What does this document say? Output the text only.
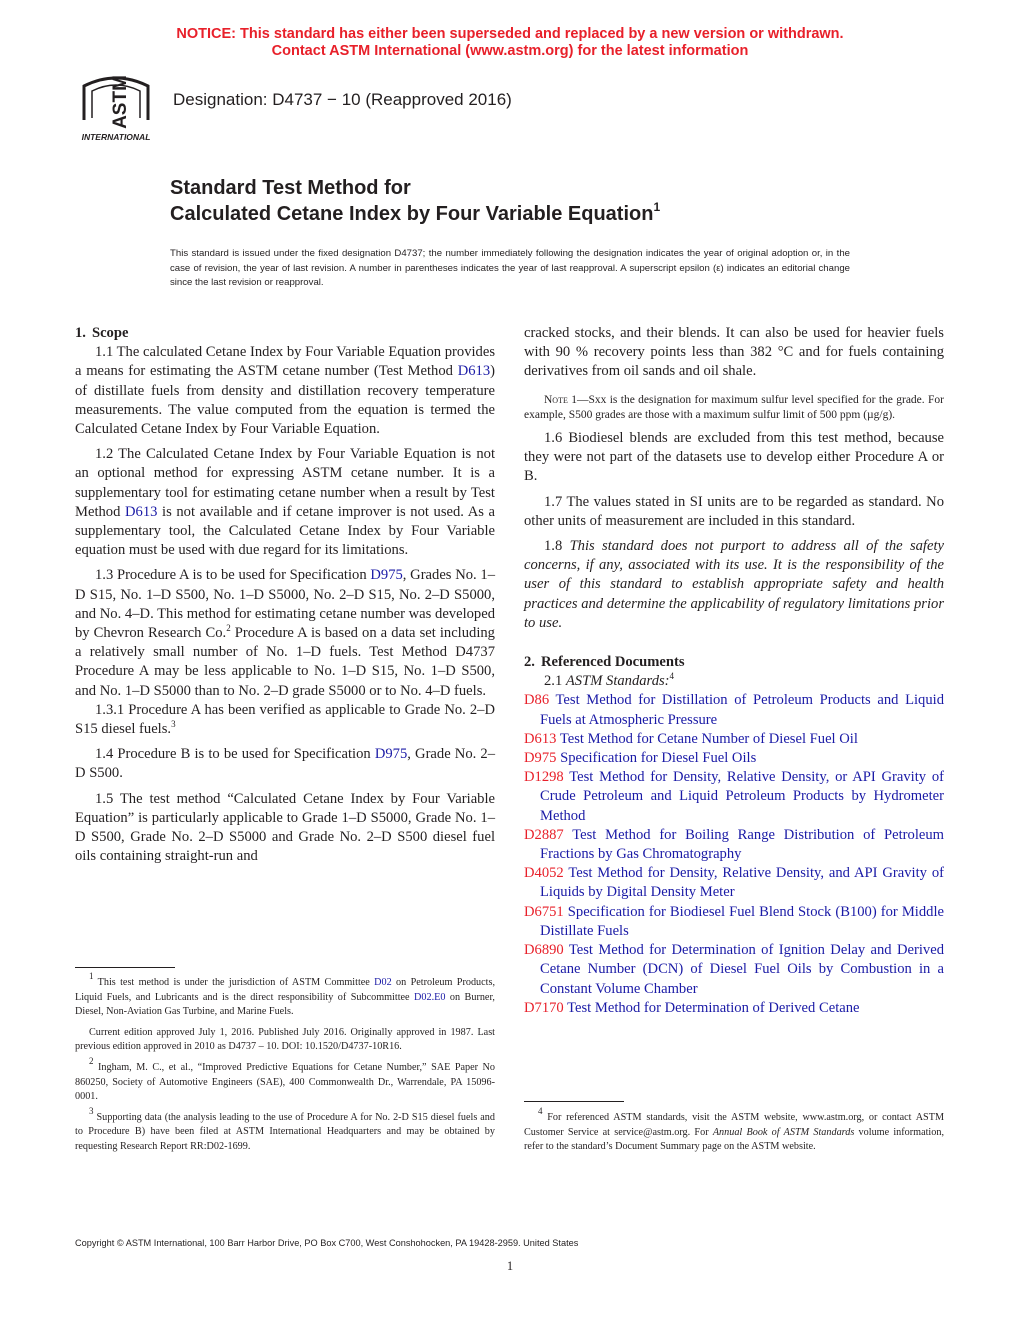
NOTICE: This standard has either been superseded and replaced by a new version or withdrawn.
Contact ASTM International (www.astm.org) for the latest information
ASTM
INTERNATIONAL
Designation: D4737 − 10 (Reapproved 2016)
Standard Test Method for
Calculated Cetane Index by Four Variable Equation$^1$
This standard is issued under the fixed designation D4737; the number immediately following the designation indicates the year of original adoption or, in the case of revision, the year of last revision. A number in parentheses indicates the year of last reapproval. A superscript epsilon (ε) indicates an editorial change since the last revision or reapproval.

1. Scope

1.1 The calculated Cetane Index by Four Variable Equation provides a means for estimating the ASTM cetane number (Test Method D613) of distillate fuels from density and distillation recovery temperature measurements. The value computed from the equation is termed the Calculated Cetane Index by Four Variable Equation.

1.2 The Calculated Cetane Index by Four Variable Equation is not an optional method for expressing ASTM cetane number. It is a supplementary tool for estimating cetane number when a result by Test Method D613 is not available and if cetane improver is not used. As a supplementary tool, the Calculated Cetane Index by Four Variable equation must be used with due regard for its limitations.

1.3 Procedure A is to be used for Specification D975, Grades No. 1–D S15, No. 1–D S500, No. 1–D S5000, No. 2–D S15, No. 2–D S5000, and No. 4–D. This method for estimating cetane number was developed by Chevron Research Co.$^2$ Procedure A is based on a data set including a relatively small number of No. 1–D fuels. Test Method D4737 Procedure A may be less applicable to No. 1–D S15, No. 1–D S500, and No. 1–D S5000 than to No. 2–D grade S5000 or to No. 4–D fuels.

1.3.1 Procedure A has been verified as applicable to Grade No. 2–D S15 diesel fuels.$^3$

1.4 Procedure B is to be used for Specification D975, Grade No. 2–D S500.

1.5 The test method “Calculated Cetane Index by Four Variable Equation” is particularly applicable to Grade 1–D S5000, Grade No. 1–D S500, Grade No. 2–D S5000 and Grade No. 2–D S500 diesel fuel oils containing straight-run and

$^1$ This test method is under the jurisdiction of ASTM Committee D02 on Petroleum Products, Liquid Fuels, and Lubricants and is the direct responsibility of Subcommittee D02.E0 on Burner, Diesel, Non-Aviation Gas Turbine, and Marine Fuels.

Current edition approved July 1, 2016. Published July 2016. Originally approved in 1987. Last previous edition approved in 2010 as D4737 – 10. DOI: 10.1520/D4737-10R16.

$^2$ Ingham, M. C., et al., “Improved Predictive Equations for Cetane Number,” SAE Paper No 860250, Society of Automotive Engineers (SAE), 400 Commonwealth Dr., Warrendale, PA 15096-0001.

$^3$ Supporting data (the analysis leading to the use of Procedure A for No. 2-D S15 diesel fuels and to Procedure B) have been filed at ASTM International Headquarters and may be obtained by requesting Research Report RR:D02-1699.

cracked stocks, and their blends. It can also be used for heavier fuels with 90 % recovery points less than 382 °C and for fuels containing derivatives from oil sands and oil shale.

Note 1—Sxx is the designation for maximum sulfur level specified for the grade. For example, S500 grades are those with a maximum sulfur limit of 500 ppm (µg/g).

1.6 Biodiesel blends are excluded from this test method, because they were not part of the datasets use to develop either Procedure A or B.

1.7 The values stated in SI units are to be regarded as standard. No other units of measurement are included in this standard.

1.8 This standard does not purport to address all of the safety concerns, if any, associated with its use. It is the responsibility of the user of this standard to establish appropriate safety and health practices and determine the applicability of regulatory limitations prior to use.

2. Referenced Documents

2.1 ASTM Standards:$^4$

D86 Test Method for Distillation of Petroleum Products and Liquid Fuels at Atmospheric Pressure

D613 Test Method for Cetane Number of Diesel Fuel Oil

D975 Specification for Diesel Fuel Oils

D1298 Test Method for Density, Relative Density, or API Gravity of Crude Petroleum and Liquid Petroleum Products by Hydrometer Method

D2887 Test Method for Boiling Range Distribution of Petroleum Fractions by Gas Chromatography

D4052 Test Method for Density, Relative Density, and API Gravity of Liquids by Digital Density Meter

D6751 Specification for Biodiesel Fuel Blend Stock (B100) for Middle Distillate Fuels

D6890 Test Method for Determination of Ignition Delay and Derived Cetane Number (DCN) of Diesel Fuel Oils by Combustion in a Constant Volume Chamber

D7170 Test Method for Determination of Derived Cetane

$^4$ For referenced ASTM standards, visit the ASTM website, www.astm.org, or contact ASTM Customer Service at service@astm.org. For Annual Book of ASTM Standards volume information, refer to the standard’s Document Summary page on the ASTM website.

Copyright © ASTM International, 100 Barr Harbor Drive, PO Box C700, West Conshohocken, PA 19428-2959. United States
1
